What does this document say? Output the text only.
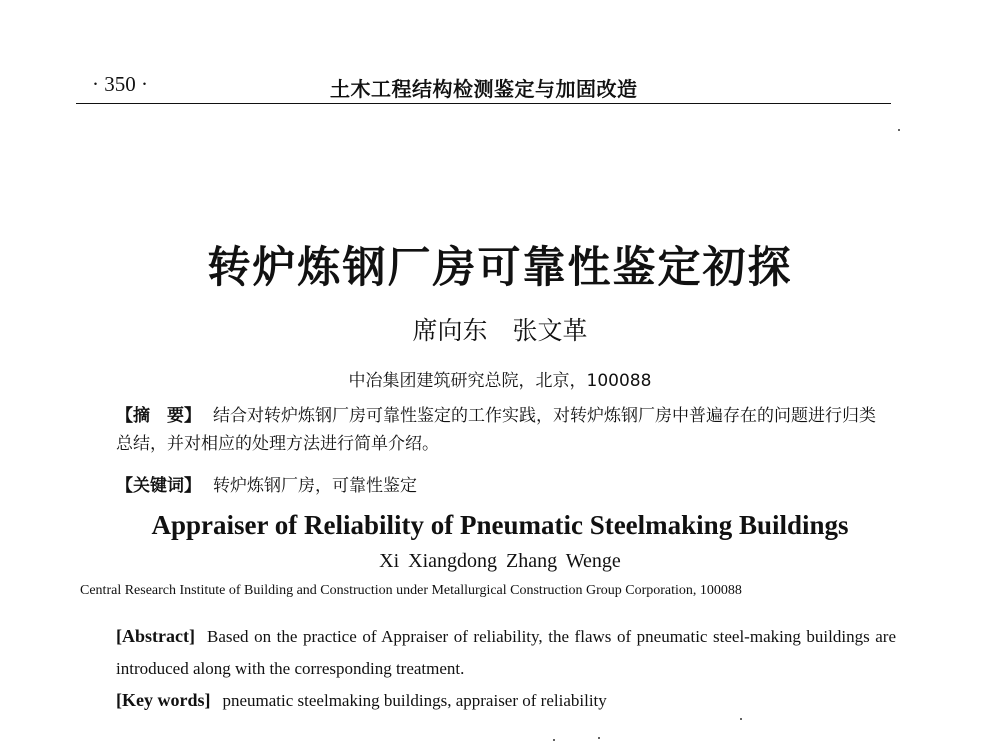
· 350 ·	土木工程结构检测鉴定与加固改造
转炉炼钢厂房可靠性鉴定初探
席向东　张文革
中冶集团建筑研究总院，北京，100088
【摘　要】 结合对转炉炼钢厂房可靠性鉴定的工作实践，对转炉炼钢厂房中普遍存在的问题进行归类总结，并对相应的处理方法进行简单介绍。
【关键词】 转炉炼钢厂房，可靠性鉴定
Appraiser of Reliability of Pneumatic Steelmaking Buildings
Xi Xiangdong Zhang Wenge
Central Research Institute of Building and Construction under Metallurgical Construction Group Corporation, 100088
[Abstract] Based on the practice of Appraiser of reliability, the flaws of pneumatic steel-making buildings are introduced along with the corresponding treatment.
[Key words] pneumatic steelmaking buildings, appraiser of reliability
